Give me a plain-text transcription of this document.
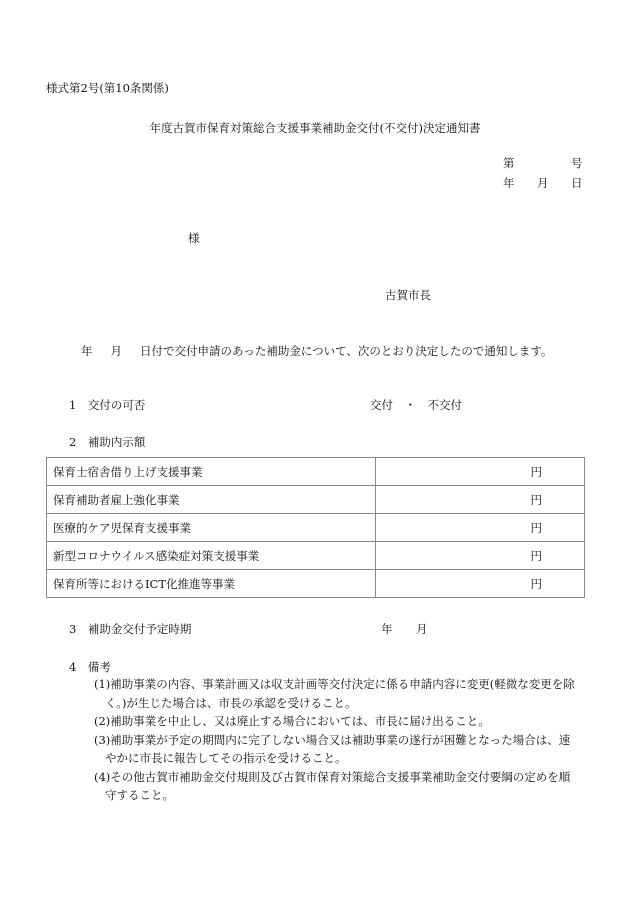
様式第2号(第10条関係)
年度古賀市保育対策総合支援事業補助金交付(不交付)決定通知書
第	号
年 月 日
様
古賀市長
年 月 日付で交付申請のあった補助金について、次のとおり決定したので通知します。
1　交付の可否	交付　・　不交付
2　補助内示額
保育士宿舎借り上げ支援事業	円
保育補助者雇上強化事業	円
医療的ケア児保育支援事業	円
新型コロナウイルス感染症対策支援事業	円
保育所等におけるICT化推進等事業	円
3　補助金交付予定時期	年 月
4　備考
(1)補助事業の内容、事業計画又は収支計画等交付決定に係る申請内容に変更(軽微な変更を除
く。)が生じた場合は、市長の承認を受けること。
(2)補助事業を中止し、又は廃止する場合においては、市長に届け出ること。
(3)補助事業が予定の期間内に完了しない場合又は補助事業の遂行が困難となった場合は、速
やかに市長に報告してその指示を受けること。
(4)その他古賀市補助金交付規則及び古賀市保育対策総合支援事業補助金交付要綱の定めを順
守すること。
